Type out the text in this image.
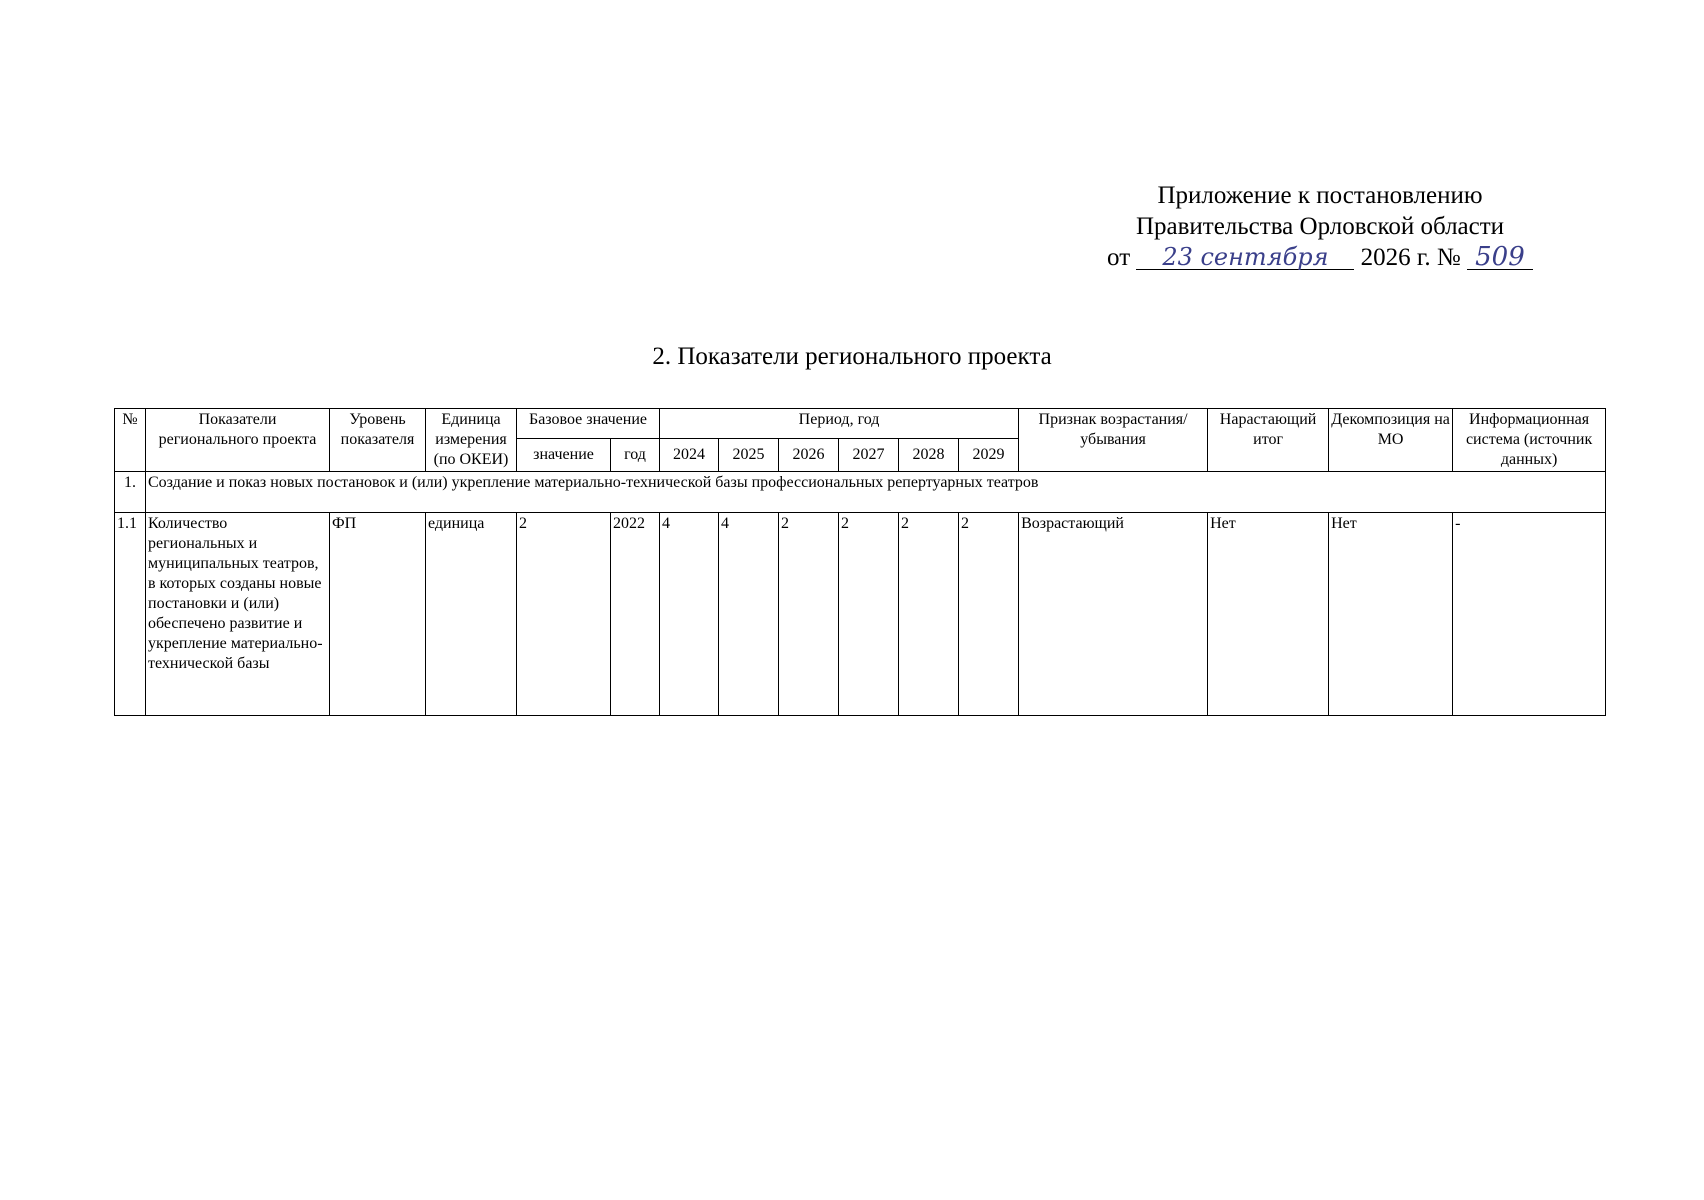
Приложение к постановлению
Правительства Орловской области
от 23 сентября 2026 г. № 509
2. Показатели регионального проекта
№	Показатели регионального проекта	Уровень показателя	Единица измерения (по ОКЕИ)	Базовое значение		Период, год						Признак возрастания/убывания	Нарастающий итог	Декомпозиция на МО	Информационная система (источник данных)
				значение	год	2024	2025	2026	2027	2028	2029				
1.	Создание и показ новых постановок и (или) укрепление материально-технической базы профессиональных репертуарных театров														
1.1	Количество региональных и муниципальных театров, в которых созданы новые постановки и (или) обеспечено развитие и укрепление материально-технической базы	ФП	единица	2	2022	4	4	2	2	2	2	Возрастающий	Нет	Нет	-
